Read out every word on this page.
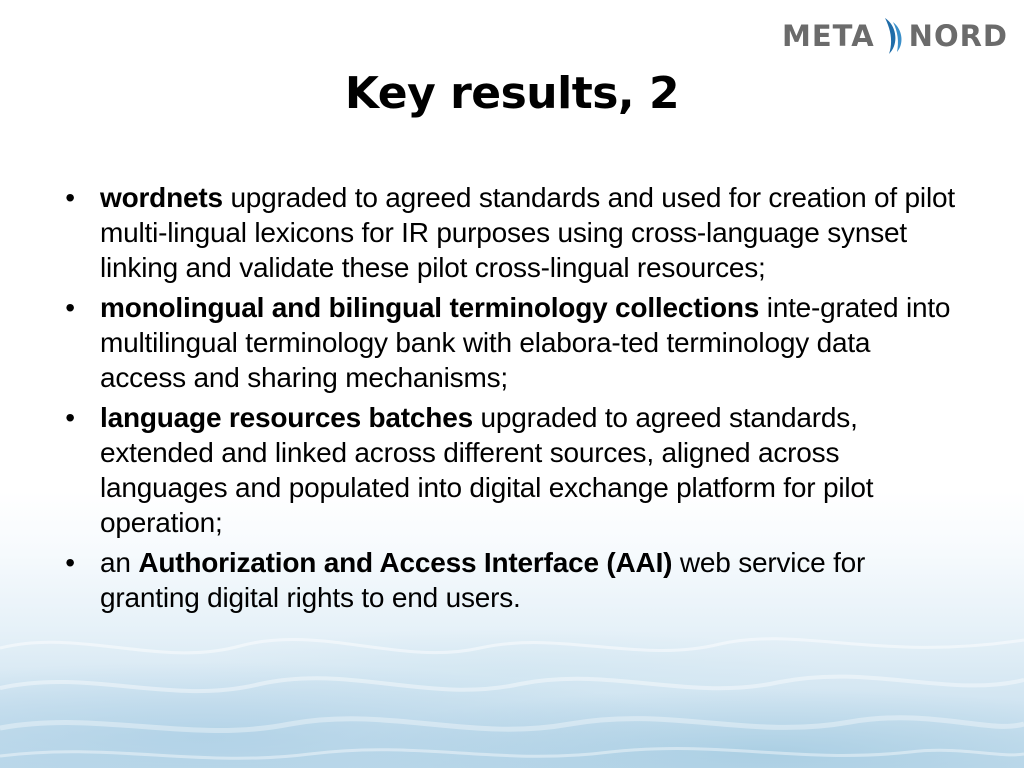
META NORD
Key results, 2
• wordnets upgraded to agreed standards and used for creation of pilot multi-lingual lexicons for IR purposes using cross-language synset linking and validate these pilot cross-lingual resources;
• monolingual and bilingual terminology collections inte-grated into multilingual terminology bank with elabora-ted terminology data access and sharing mechanisms;
• language resources batches upgraded to agreed standards, extended and linked across different sources, aligned across languages and populated into digital exchange platform for pilot operation;
• an Authorization and Access Interface (AAI) web service for granting digital rights to end users.
